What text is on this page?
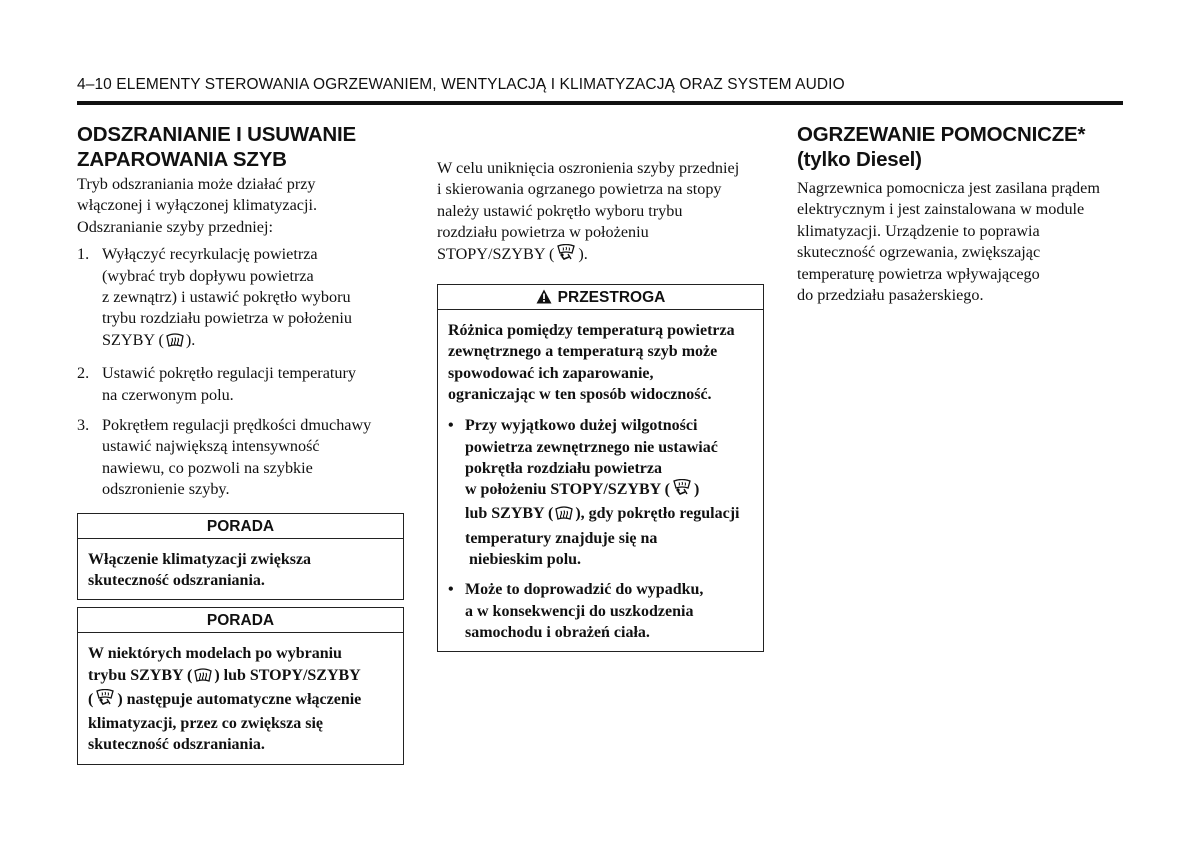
4–10 ELEMENTY STEROWANIA OGRZEWANIEM, WENTYLACJĄ I KLIMATYZACJĄ ORAZ SYSTEM AUDIO
ODSZRANIANIE I USUWANIE
ZAPAROWANIA SZYB

Tryb odszraniania może działać przy

włączonej i wyłączonej klimatyzacji.

Odszranianie szyby przedniej:

1. Wyłączyć recyrkulację powietrza
(wybrać tryb dopływu powietrza
z zewnątrz) i ustawić pokrętło wyboru
trybu rozdziału powietrza w położeniu
SZYBY ( ).
2. Ustawić pokrętło regulacji temperatury
na czerwonym polu.
3. Pokrętłem regulacji prędkości dmuchawy
ustawić największą intensywność
nawiewu, co pozwoli na szybkie
odszronienie szyby.
PORADA
Włączenie klimatyzacji zwiększa
skuteczność odszraniania.
PORADA
W niektórych modelach po wybraniu
trybu SZYBY ( ) lub STOPY/SZYBY
( ) następuje automatyczne włączenie
klimatyzacji, przez co zwiększa się
skuteczność odszraniania.

W celu uniknięcia oszronienia szyby przedniej

i skierowania ogrzanego powietrza na stopy

należy ustawić pokrętło wyboru trybu

rozdziału powietrza w położeniu

STOPY/SZYBY ( ).

PRZESTROGA
Różnica pomiędzy temperaturą powietrza
zewnętrznego a temperaturą szyb może
spowodować ich zaparowanie,
ograniczając w ten sposób widoczność.
• Przy wyjątkowo dużej wilgotności
powietrza zewnętrznego nie ustawiać
pokrętła rozdziału powietrza
w położeniu STOPY/SZYBY ( )
lub SZYBY ( ), gdy pokrętło regulacji
temperatury znajduje się na
niebieskim polu.
• Może to doprowadzić do wypadku,
a w konsekwencji do uszkodzenia
samochodu i obrażeń ciała.
OGRZEWANIE POMOCNICZE*
(tylko Diesel)

Nagrzewnica pomocnicza jest zasilana prądem

elektrycznym i jest zainstalowana w module

klimatyzacji. Urządzenie to poprawia

skuteczność ogrzewania, zwiększając

temperaturę powietrza wpływającego

do przedziału pasażerskiego.
